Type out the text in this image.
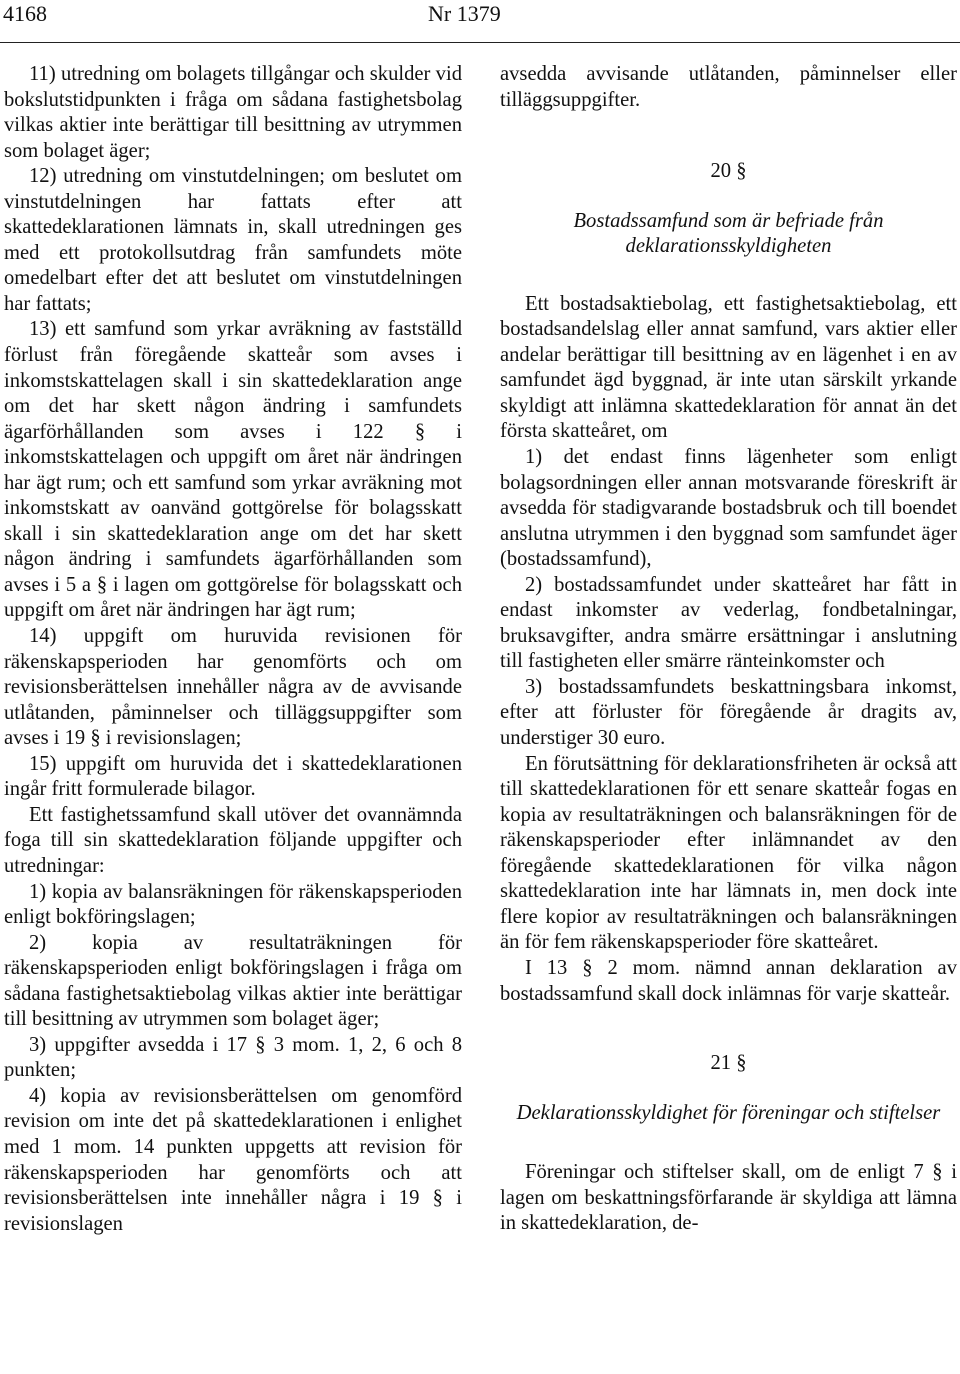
4168	Nr 1379

11) utredning om bolagets tillgångar och skulder vid bokslutstidpunkten i fråga om sådana fastighetsbolag vilkas aktier inte berättigar till besittning av utrymmen som bolaget äger;

12) utredning om vinstutdelningen; om beslutet om vinstutdelningen har fattats efter att skattedeklarationen lämnats in, skall utredningen ges med ett protokollsutdrag från samfundets möte omedelbart efter det att beslutet om vinstutdelningen har fattats;

13) ett samfund som yrkar avräkning av fastställd förlust från föregående skatteår som avses i inkomstskattelagen skall i sin skattedeklaration ange om det har skett någon ändring i samfundets ägarförhållanden som avses i 122 § i inkomstskattelagen och uppgift om året när ändringen har ägt rum; och ett samfund som yrkar avräkning mot inkomstskatt av oanvänd gottgörelse för bolagsskatt skall i sin skattedeklaration ange om det har skett någon ändring i samfundets ägarförhållanden som avses i 5 a § i lagen om gottgörelse för bolagsskatt och uppgift om året när ändringen har ägt rum;

14) uppgift om huruvida revisionen för räkenskapsperioden har genomförts och om revisionsberättelsen innehåller några av de avvisande utlåtanden, påminnelser och tilläggsuppgifter som avses i 19 § i revisionslagen;

15) uppgift om huruvida det i skattedeklarationen ingår fritt formulerade bilagor.

Ett fastighetssamfund skall utöver det ovannämnda foga till sin skattedeklaration följande uppgifter och utredningar:

1) kopia av balansräkningen för räkenskapsperioden enligt bokföringslagen;

2) kopia av resultaträkningen för räkenskapsperioden enligt bokföringslagen i fråga om sådana fastighetsaktiebolag vilkas aktier inte berättigar till besittning av utrymmen som bolaget äger;

3) uppgifter avsedda i 17 § 3 mom. 1, 2, 6 och 8 punkten;

4) kopia av revisionsberättelsen om genomförd revision om inte det på skattedeklarationen i enlighet med 1 mom. 14 punkten uppgetts att revision för räkenskapsperioden har genomförts och att revisionsberättelsen inte innehåller några i 19 § i revisionslagen

avsedda avvisande utlåtanden, påminnelser eller tilläggsuppgifter.

20 §

Bostadssamfund som är befriade från deklarationsskyldigheten

Ett bostadsaktiebolag, ett fastighetsaktiebolag, ett bostadsandelslag eller annat samfund, vars aktier eller andelar berättigar till besittning av en lägenhet i en av samfundet ägd byggnad, är inte utan särskilt yrkande skyldigt att inlämna skattedeklaration för annat än det första skatteåret, om

1) det endast finns lägenheter som enligt bolagsordningen eller annan motsvarande föreskrift är avsedda för stadigvarande bostadsbruk och till boendet anslutna utrymmen i den byggnad som samfundet äger (bostadssamfund),

2) bostadssamfundet under skatteåret har fått in endast inkomster av vederlag, fondbetalningar, bruksavgifter, andra smärre ersättningar i anslutning till fastigheten eller smärre ränteinkomster och

3) bostadssamfundets beskattningsbara inkomst, efter att förluster för föregående år dragits av, understiger 30 euro.

En förutsättning för deklarationsfriheten är också att till skattedeklarationen för ett senare skatteår fogas en kopia av resultaträkningen och balansräkningen för de räkenskapsperioder efter inlämnandet av den föregående skattedeklarationen för vilka någon skattedeklaration inte har lämnats in, men dock inte flere kopior av resultaträkningen och balansräkningen än för fem räkenskapsperioder före skatteåret.

I 13 § 2 mom. nämnd annan deklaration av bostadssamfund skall dock inlämnas för varje skatteår.

21 §

Deklarationsskyldighet för föreningar och stiftelser

Föreningar och stiftelser skall, om de enligt 7 § i lagen om beskattningsförfarande är skyldiga att lämna in skattedeklaration, de-
